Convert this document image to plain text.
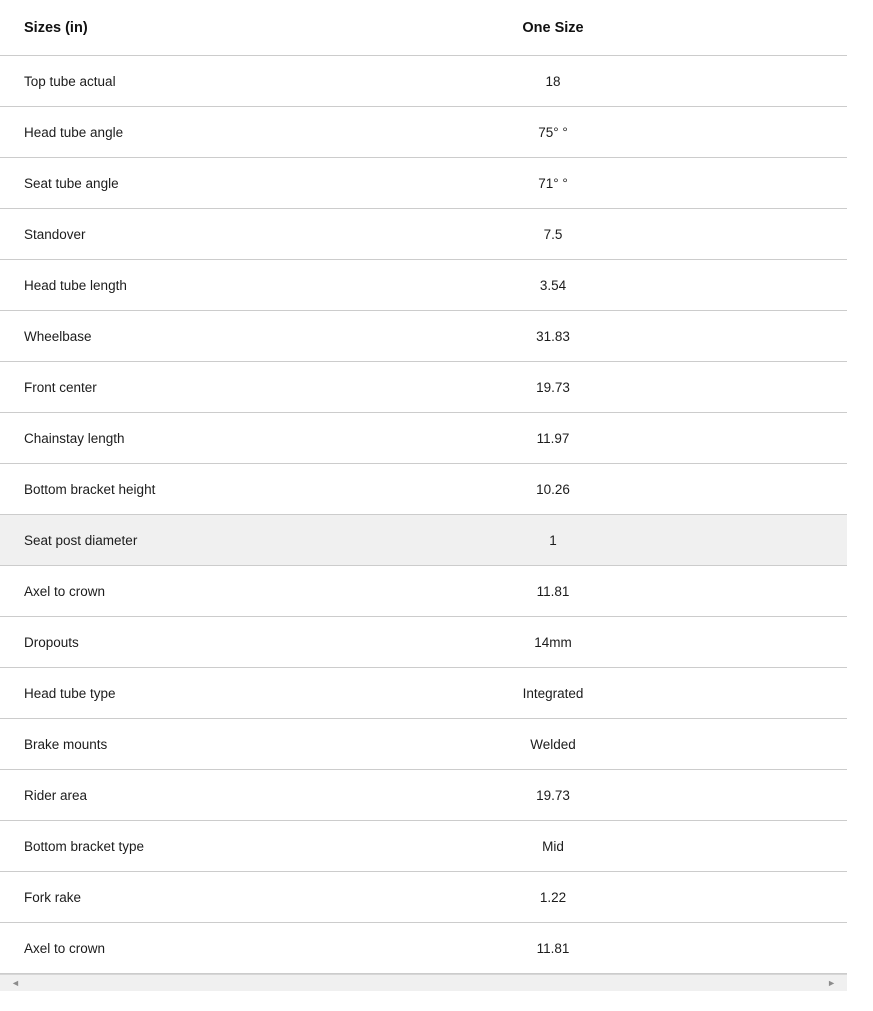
Sizes (in)	One Size
Top tube actual	18
Head tube angle	75° °
Seat tube angle	71° °
Standover	7.5
Head tube length	3.54
Wheelbase	31.83
Front center	19.73
Chainstay length	11.97
Bottom bracket height	10.26
Seat post diameter	1
Axel to crown	11.81
Dropouts	14mm
Head tube type	Integrated
Brake mounts	Welded
Rider area	19.73
Bottom bracket type	Mid
Fork rake	1.22
Axel to crown	11.81
◄	►
